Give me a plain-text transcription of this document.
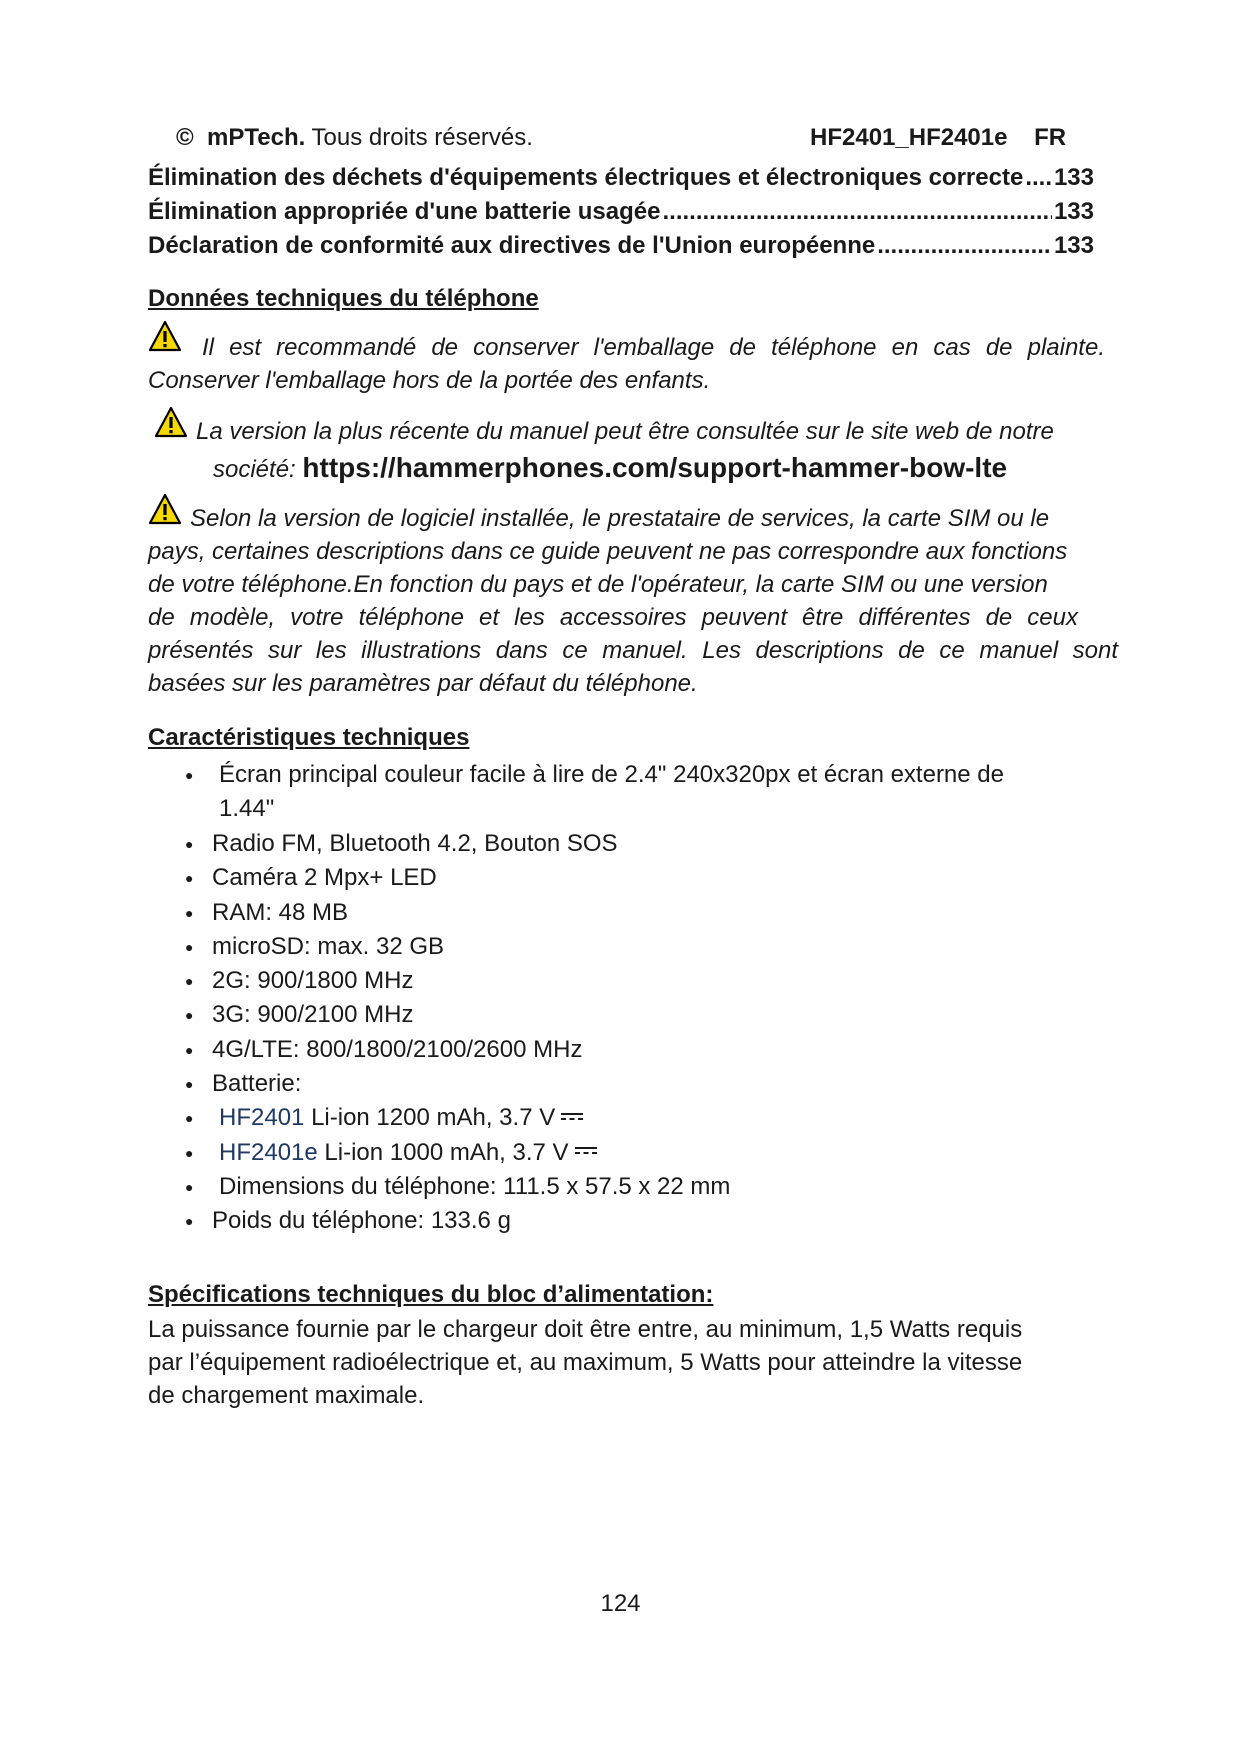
© mPTech. Tous droits réservés.	HF2401_HF2401e FR
Élimination des déchets d'équipements électriques et électroniques correcte ..... 133
Élimination appropriée d'une batterie usagée .....	133
Déclaration de conformité aux directives de l'Union européenne .....	133
Données techniques du téléphone
Il est recommandé de conserver l'emballage de téléphone en cas de plainte.
Conserver l'emballage hors de la portée des enfants.
La version la plus récente du manuel peut être consultée sur le site web de notre
société: https://hammerphones.com/support-hammer-bow-lte
Selon la version de logiciel installée, le prestataire de services, la carte SIM ou le
pays, certaines descriptions dans ce guide peuvent ne pas correspondre aux fonctions
de votre téléphone.En fonction du pays et de l'opérateur, la carte SIM ou une version
de modèle, votre téléphone et les accessoires peuvent être différentes de ceux
présentés sur les illustrations dans ce manuel. Les descriptions de ce manuel sont
basées sur les paramètres par défaut du téléphone.
Caractéristiques techniques
● Écran principal couleur facile à lire de 2.4" 240x320px et écran externe de
1.44"
● Radio FM, Bluetooth 4.2, Bouton SOS
● Caméra 2 Mpx+ LED
● RAM: 48 MB
● microSD: max. 32 GB
● 2G: 900/1800 MHz
● 3G: 900/2100 MHz
● 4G/LTE: 800/1800/2100/2600 MHz
● Batterie:
● HF2401 Li-ion 1200 mAh, 3.7 V
● HF2401e Li-ion 1000 mAh, 3.7 V
● Dimensions du téléphone: 111.5 x 57.5 x 22 mm
● Poids du téléphone: 133.6 g
Spécifications techniques du bloc d’alimentation:
La puissance fournie par le chargeur doit être entre, au minimum, 1,5 Watts requis
par l’équipement radioélectrique et, au maximum, 5 Watts pour atteindre la vitesse
de chargement maximale.
124
